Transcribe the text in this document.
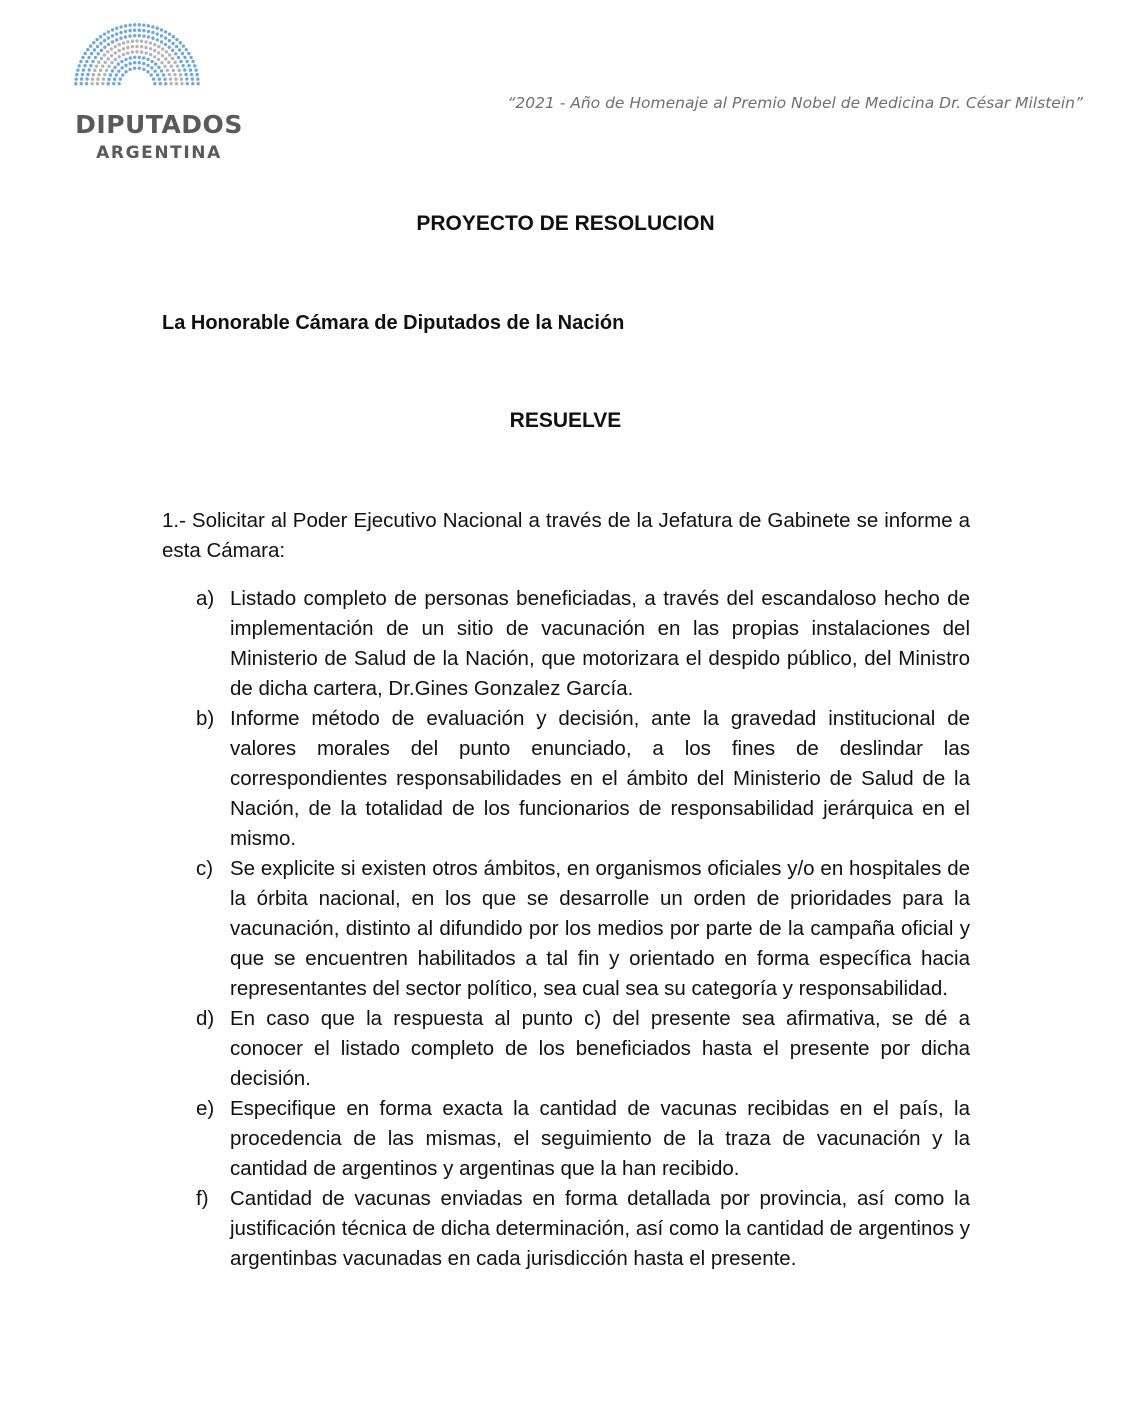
DIPUTADOS
ARGENTINA
“2021 - Año de Homenaje al Premio Nobel de Medicina Dr. César Milstein”
PROYECTO DE RESOLUCION
La Honorable Cámara de Diputados de la Nación
RESUELVE
1.- Solicitar al Poder Ejecutivo Nacional a través de la Jefatura de Gabinete se informe a esta Cámara:
a) Listado completo de personas beneficiadas, a través del escandaloso hecho de implementación de un sitio de vacunación en las propias instalaciones del Ministerio de Salud de la Nación, que motorizara el despido público, del Ministro de dicha cartera, Dr.Gines Gonzalez García.
b) Informe método de evaluación y decisión, ante la gravedad institucional de valores morales del punto enunciado, a los fines de deslindar las correspondientes responsabilidades en el ámbito del Ministerio de Salud de la Nación, de la totalidad de los funcionarios de responsabilidad jerárquica en el mismo.
c) Se explicite si existen otros ámbitos, en organismos oficiales y/o en hospitales de la órbita nacional, en los que se desarrolle un orden de prioridades para la vacunación, distinto al difundido por los medios por parte de la campaña oficial y que se encuentren habilitados a tal fin y orientado en forma específica hacia representantes del sector político, sea cual sea su categoría y responsabilidad.
d) En caso que la respuesta al punto c) del presente sea afirmativa, se dé a conocer el listado completo de los beneficiados hasta el presente por dicha decisión.
e) Especifique en forma exacta la cantidad de vacunas recibidas en el país, la procedencia de las mismas, el seguimiento de la traza de vacunación y la cantidad de argentinos y argentinas que la han recibido.
f) Cantidad de vacunas enviadas en forma detallada por provincia, así como la justificación técnica de dicha determinación, así como la cantidad de argentinos y argentinbas vacunadas en cada jurisdicción hasta el presente.
